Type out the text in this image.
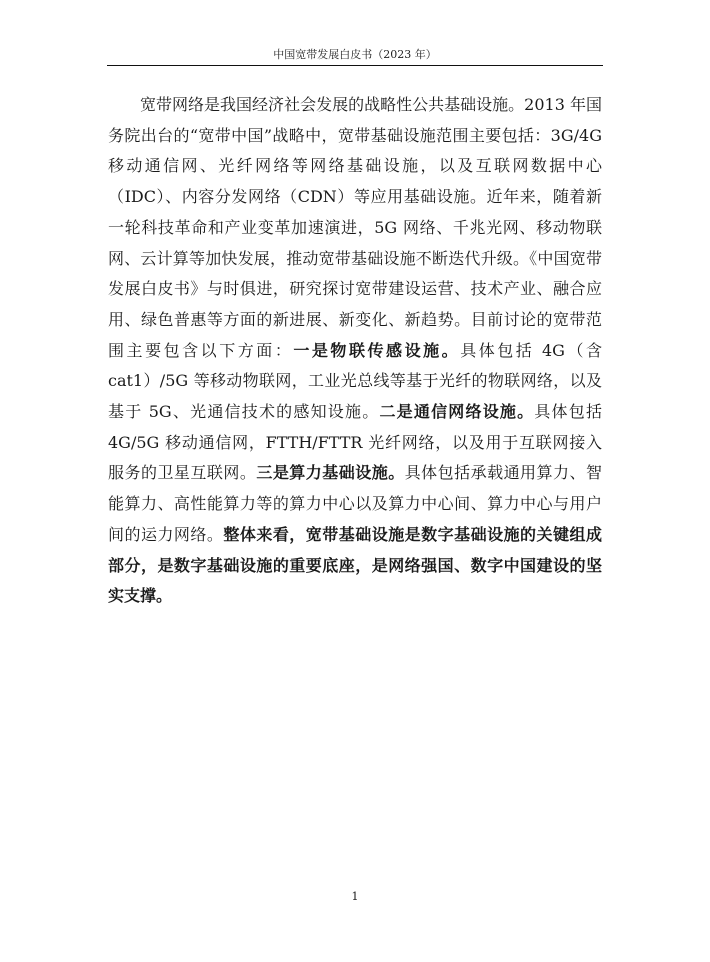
中国宽带发展白皮书（2023 年）

宽带网络是我国经济社会发展的战略性公共基础设施。2013 年国务院出台的“宽带中国”战略中，宽带基础设施范围主要包括：3G/4G 移动通信网、光纤网络等网络基础设施，以及互联网数据中心（IDC）、内容分发网络（CDN）等应用基础设施。近年来，随着新一轮科技革命和产业变革加速演进，5G 网络、千兆光网、移动物联网、云计算等加快发展，推动宽带基础设施不断迭代升级。《中国宽带发展白皮书》与时俱进，研究探讨宽带建设运营、技术产业、融合应用、绿色普惠等方面的新进展、新变化、新趋势。目前讨论的宽带范围主要包含以下方面：一是物联传感设施。具体包括 4G（含 cat1）/5G 等移动物联网，工业光总线等基于光纤的物联网络，以及基于 5G、光通信技术的感知设施。二是通信网络设施。具体包括 4G/5G 移动通信网，FTTH/FTTR 光纤网络，以及用于互联网接入服务的卫星互联网。三是算力基础设施。具体包括承载通用算力、智能算力、高性能算力等的算力中心以及算力中心间、算力中心与用户间的运力网络。整体来看，宽带基础设施是数字基础设施的关键组成部分，是数字基础设施的重要底座，是网络强国、数字中国建设的坚实支撑。

1
